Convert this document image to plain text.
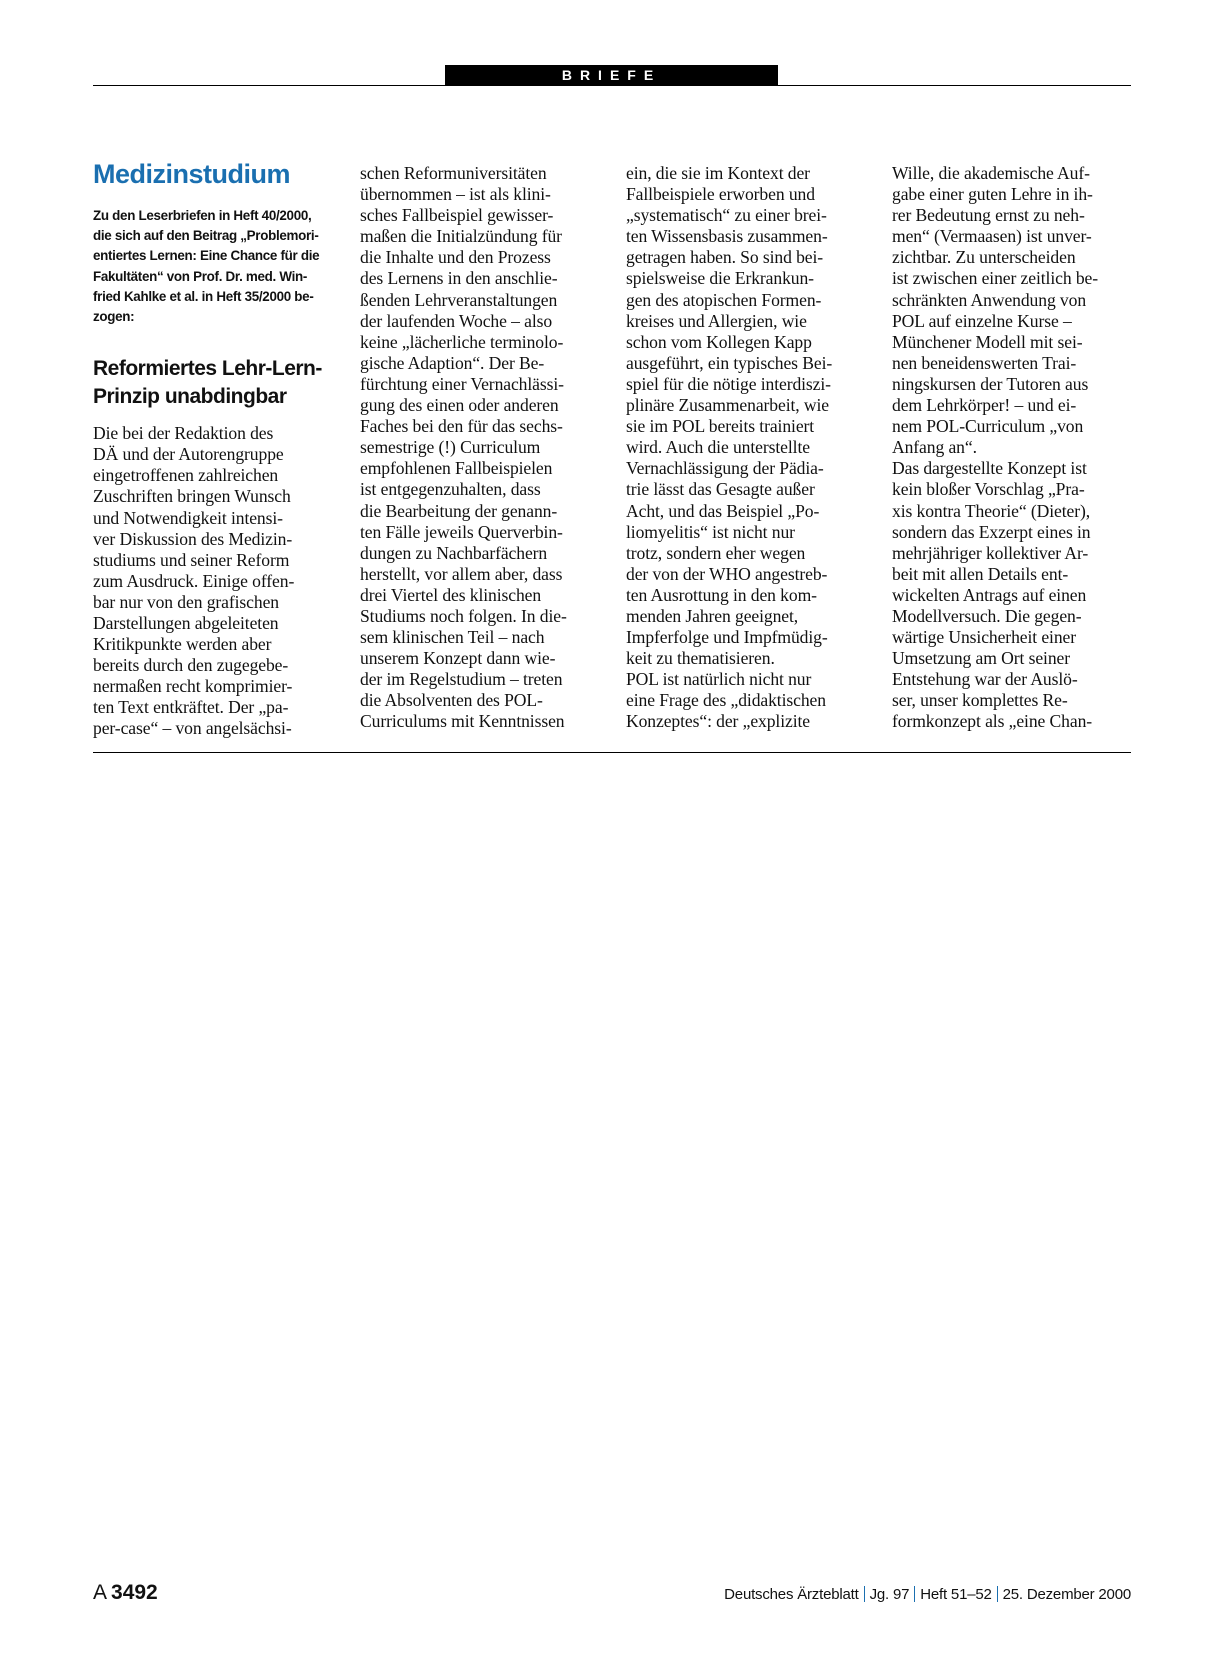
BRIEFE
Medizinstudium
Zu den Leserbriefen in Heft 40/2000,
die sich auf den Beitrag „Problemori-
entiertes Lernen: Eine Chance für die
Fakultäten“ von Prof. Dr. med. Win-
fried Kahlke et al. in Heft 35/2000 be-
zogen:
Reformiertes Lehr-Lern-
Prinzip unabdingbar
Die bei der Redaktion des
DÄ und der Autorengruppe
eingetroffenen zahlreichen
Zuschriften bringen Wunsch
und Notwendigkeit intensi-
ver Diskussion des Medizin-
studiums und seiner Reform
zum Ausdruck. Einige offen-
bar nur von den grafischen
Darstellungen abgeleiteten
Kritikpunkte werden aber
bereits durch den zugegebe-
nermaßen recht komprimier-
ten Text entkräftet. Der „pa-
per-case“ – von angelsächsi-
schen Reformuniversitäten
übernommen – ist als klini-
sches Fallbeispiel gewisser-
maßen die Initialzündung für
die Inhalte und den Prozess
des Lernens in den anschlie-
ßenden Lehrveranstaltungen
der laufenden Woche – also
keine „lächerliche terminolo-
gische Adaption“. Der Be-
fürchtung einer Vernachlässi-
gung des einen oder anderen
Faches bei den für das sechs-
semestrige (!) Curriculum
empfohlenen Fallbeispielen
ist entgegenzuhalten, dass
die Bearbeitung der genann-
ten Fälle jeweils Querverbin-
dungen zu Nachbarfächern
herstellt, vor allem aber, dass
drei Viertel des klinischen
Studiums noch folgen. In die-
sem klinischen Teil – nach
unserem Konzept dann wie-
der im Regelstudium – treten
die Absolventen des POL-
Curriculums mit Kenntnissen
ein, die sie im Kontext der
Fallbeispiele erworben und
„systematisch“ zu einer brei-
ten Wissensbasis zusammen-
getragen haben. So sind bei-
spielsweise die Erkrankun-
gen des atopischen Formen-
kreises und Allergien, wie
schon vom Kollegen Kapp
ausgeführt, ein typisches Bei-
spiel für die nötige interdiszi-
plinäre Zusammenarbeit, wie
sie im POL bereits trainiert
wird. Auch die unterstellte
Vernachlässigung der Pädia-
trie lässt das Gesagte außer
Acht, und das Beispiel „Po-
liomyelitis“ ist nicht nur
trotz, sondern eher wegen
der von der WHO angestreb-
ten Ausrottung in den kom-
menden Jahren geeignet,
Impferfolge und Impfmüdig-
keit zu thematisieren.
POL ist natürlich nicht nur
eine Frage des „didaktischen
Konzeptes“: der „explizite
Wille, die akademische Auf-
gabe einer guten Lehre in ih-
rer Bedeutung ernst zu neh-
men“ (Vermaasen) ist unver-
zichtbar. Zu unterscheiden
ist zwischen einer zeitlich be-
schränkten Anwendung von
POL auf einzelne Kurse –
Münchener Modell mit sei-
nen beneidenswerten Trai-
ningskursen der Tutoren aus
dem Lehrkörper! – und ei-
nem POL-Curriculum „von
Anfang an“.
Das dargestellte Konzept ist
kein bloßer Vorschlag „Pra-
xis kontra Theorie“ (Dieter),
sondern das Exzerpt eines in
mehrjähriger kollektiver Ar-
beit mit allen Details ent-
wickelten Antrags auf einen
Modellversuch. Die gegen-
wärtige Unsicherheit einer
Umsetzung am Ort seiner
Entstehung war der Auslö-
ser, unser komplettes Re-
formkonzept als „eine Chan-
A 3492	Deutsches Ärzteblatt Jg. 97 Heft 51–52 25. Dezember 2000
